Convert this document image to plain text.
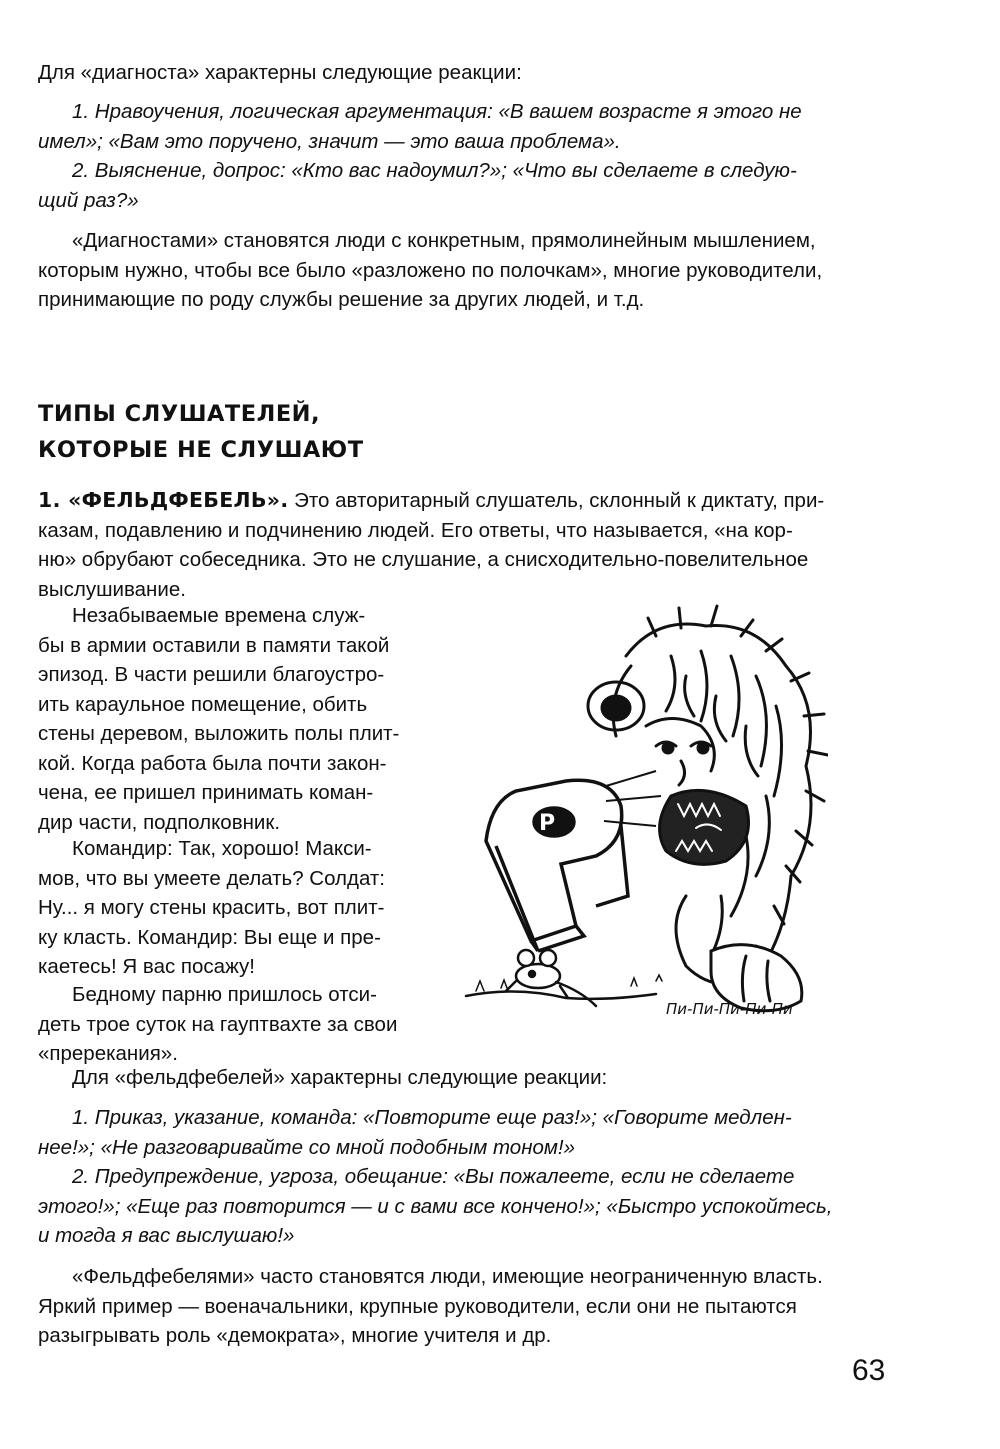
Для «диагноста» характерны следующие реакции:

1. Нравоучения, логическая аргументация: «В вашем возрасте я этого не
имел»; «Вам это поручено, значит — это ваша проблема».

2. Выяснение, допрос: «Кто вас надоумил?»; «Что вы сделаете в следую-
щий раз?»

«Диагностами» становятся люди с конкретным, прямолинейным мышлением,
которым нужно, чтобы все было «разложено по полочкам», многие руководители,
принимающие по роду службы решение за других людей, и т.д.

ТИПЫ СЛУШАТЕЛЕЙ,
КОТОРЫЕ НЕ СЛУШАЮТ

1. «ФЕЛЬДФЕБЕЛЬ». Это авторитарный слушатель, склонный к диктату, при-
казам, подавлению и подчинению людей. Его ответы, что называется, «на кор-
ню» обрубают собеседника. Это не слушание, а снисходительно-повелительное
выслушивание.

Незабываемые времена служ-
бы в армии оставили в памяти такой
эпизод. В части решили благоустро-
ить караульное помещение, обить
стены деревом, выложить полы плит-
кой. Когда работа была почти закон-
чена, ее пришел принимать коман-
дир части, подполковник.

Командир: Так, хорошо! Макси-
мов, что вы умеете делать? Солдат:
Ну... я могу стены красить, вот плит-
ку класть. Командир: Вы еще и пре-
каетесь! Я вас посажу!

Бедному парню пришлось отси-
деть трое суток на гауптвахте за свои
«пререкания».

Р
Пи-Пи-Пи-Пи-Пи

Для «фельдфебелей» характерны следующие реакции:

1. Приказ, указание, команда: «Повторите еще раз!»; «Говорите медлен-
нее!»; «Не разговаривайте со мной подобным тоном!»

2. Предупреждение, угроза, обещание: «Вы пожалеете, если не сделаете
этого!»; «Еще раз повторится — и с вами все кончено!»; «Быстро успокойтесь,
и тогда я вас выслушаю!»

«Фельдфебелями» часто становятся люди, имеющие неограниченную власть.
Яркий пример — военачальники, крупные руководители, если они не пытаются
разыгрывать роль «демократа», многие учителя и др.

63
